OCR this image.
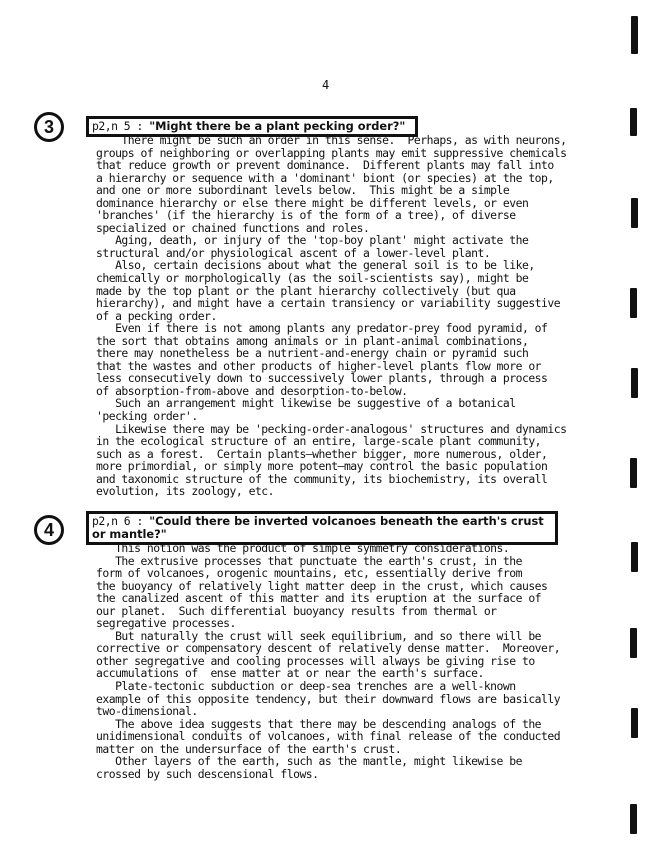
4
3	p2,n 5 : "Might there be a plant pecking order?"

There might be such an order in this sense.  Perhaps, as with neurons,

groups of neighboring or overlapping plants may emit suppressive chemicals

that reduce growth or prevent dominance.  Different plants may fall into

a hierarchy or sequence with a 'dominant' biont (or species) at the top,

and one or more subordinant levels below.  This might be a simple

dominance hierarchy or else there might be different levels, or even

'branches' (if the hierarchy is of the form of a tree), of diverse

specialized or chained functions and roles.

Aging, death, or injury of the 'top-boy plant' might activate the

structural and/or physiological ascent of a lower-level plant.

Also, certain decisions about what the general soil is to be like,

chemically or morphologically (as the soil-scientists say), might be

made by the top plant or the plant hierarchy collectively (but qua

hierarchy), and might have a certain transiency or variability suggestive

of a pecking order.

Even if there is not among plants any predator-prey food pyramid, of

the sort that obtains among animals or in plant-animal combinations,

there may nonetheless be a nutrient-and-energy chain or pyramid such

that the wastes and other products of higher-level plants flow more or

less consecutively down to successively lower plants, through a process

of absorption-from-above and desorption-to-below.

Such an arrangement might likewise be suggestive of a botanical

'pecking order'.

Likewise there may be 'pecking-order-analogous' structures and dynamics

in the ecological structure of an entire, large-scale plant community,

such as a forest.  Certain plants—whether bigger, more numerous, older,

more primordial, or simply more potent—may control the basic population

and taxonomic structure of the community, its biochemistry, its overall

evolution, its zoology, etc.

4	p2,n 6 : "Could there be inverted volcanoes beneath the earth's crust
or mantle?"

This notion was the product of simple symmetry considerations.

The extrusive processes that punctuate the earth's crust, in the

form of volcanoes, orogenic mountains, etc, essentially derive from

the buoyancy of relatively light matter deep in the crust, which causes

the canalized ascent of this matter and its eruption at the surface of

our planet.  Such differential buoyancy results from thermal or

segregative processes.

But naturally the crust will seek equilibrium, and so there will be

corrective or compensatory descent of relatively dense matter.  Moreover,

other segregative and cooling processes will always be giving rise to

accumulations of  ense matter at or near the earth's surface.

Plate-tectonic subduction or deep-sea trenches are a well-known

example of this opposite tendency, but their downward flows are basically

two-dimensional.

The above idea suggests that there may be descending analogs of the

unidimensional conduits of volcanoes, with final release of the conducted

matter on the undersurface of the earth's crust.

Other layers of the earth, such as the mantle, might likewise be

crossed by such descensional flows.
